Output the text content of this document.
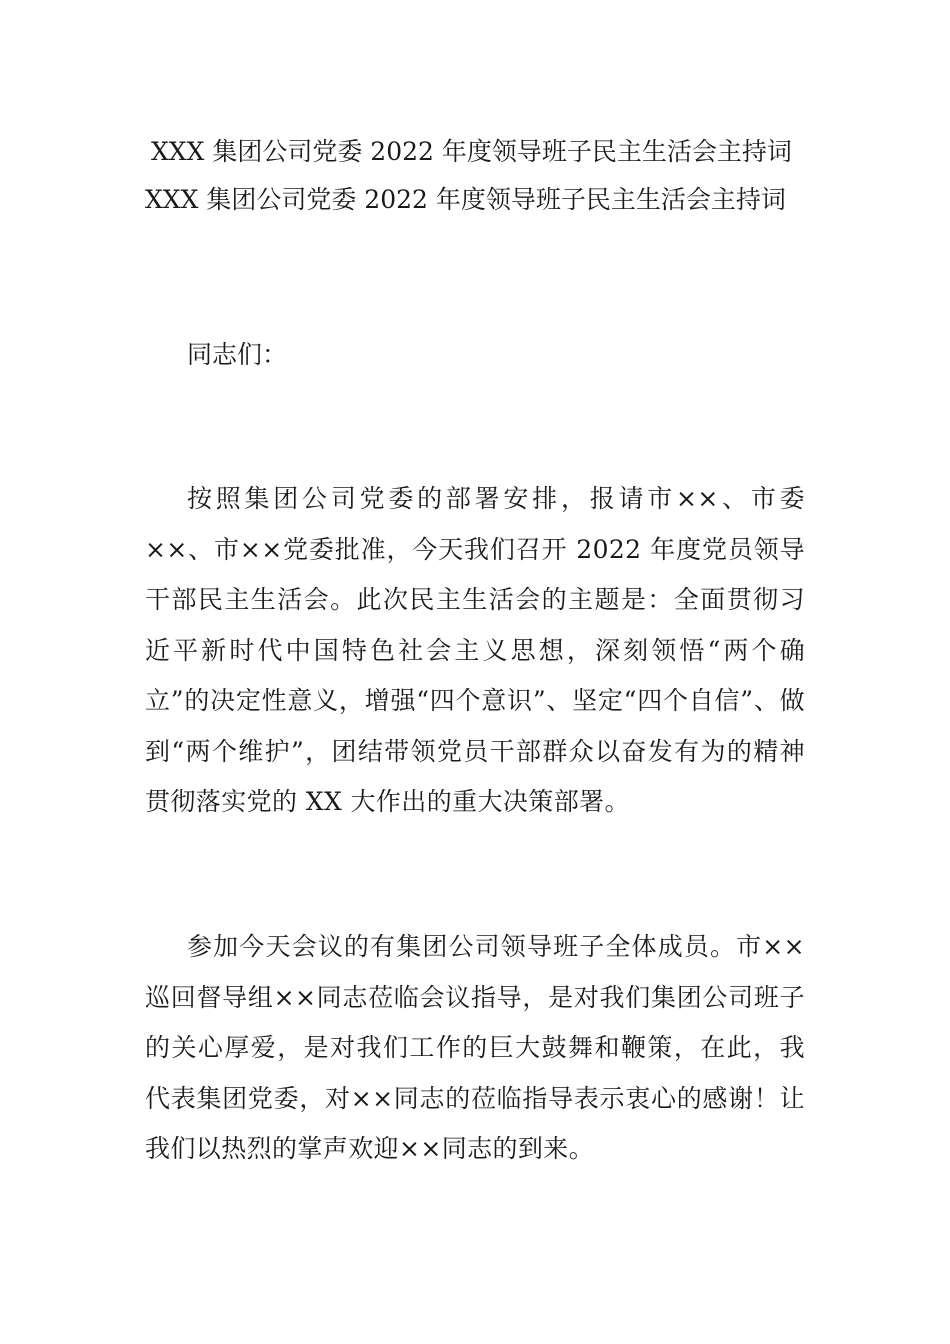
XXX 集团公司党委 2022 年度领导班子民主生活会主持词
XXX 集团公司党委 2022 年度领导班子民主生活会主持词

同志们：

按照集团公司党委的部署安排，报请市××、市委××、市××党委批准，今天我们召开 2022 年度党员领导干部民主生活会。此次民主生活会的主题是：全面贯彻习近平新时代中国特色社会主义思想，深刻领悟“两个确立”的决定性意义，增强“四个意识”、坚定“四个自信”、做到“两个维护”，团结带领党员干部群众以奋发有为的精神贯彻落实党的 XX 大作出的重大决策部署。

参加今天会议的有集团公司领导班子全体成员。市××巡回督导组××同志莅临会议指导，是对我们集团公司班子的关心厚爱，是对我们工作的巨大鼓舞和鞭策，在此，我代表集团党委，对××同志的莅临指导表示衷心的感谢！让我们以热烈的掌声欢迎××同志的到来。
